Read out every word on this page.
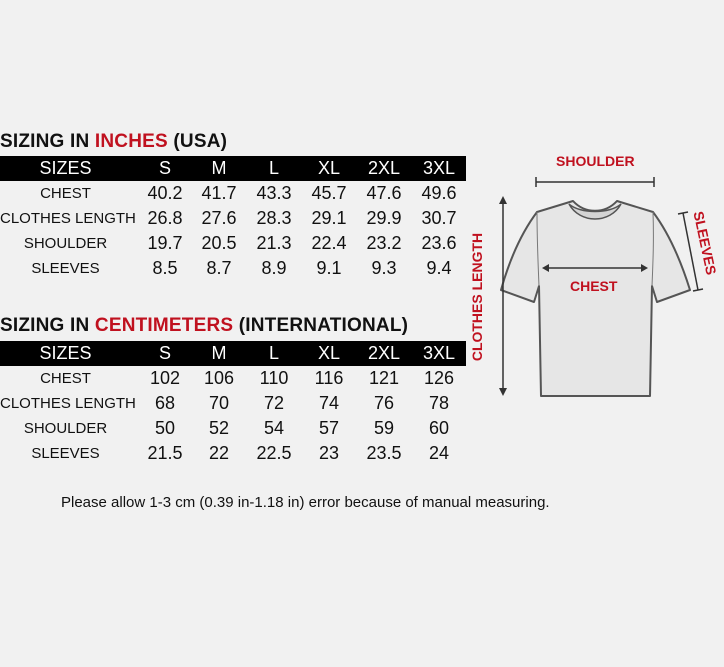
SIZING IN INCHES (USA)
SIZES	S	M	L	XL	2XL	3XL
CHEST	40.2	41.7	43.3	45.7	47.6	49.6
CLOTHES LENGTH 26.8	27.6	28.3	29.1	29.9	30.7
SHOULDER	19.7	20.5	21.3	22.4	23.2	23.6
SLEEVES	8.5	8.7	8.9	9.1	9.3	9.4
SIZING IN CENTIMETERS (INTERNATIONAL)
SIZES	S	M	L	XL	2XL	3XL
CHEST	102	106	110	116	121	126
CLOTHES LENGTH	68	70	72	74	76	78
SHOULDER	50	52	54	57	59	60
SLEEVES	21.5	22	22.5	23	23.5	24
Please allow 1-3 cm (0.39 in-1.18 in) error because of manual measuring.
SHOULDER
CHEST
CLOTHES LENGTH	SLEEVES
